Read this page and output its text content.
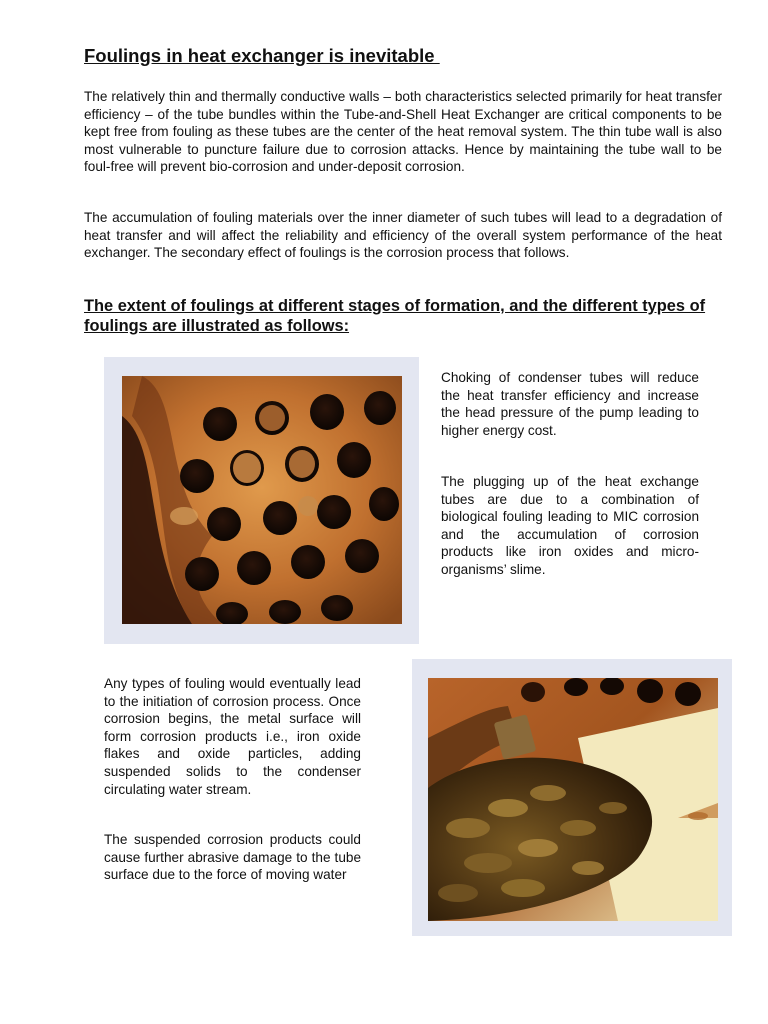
Foulings in heat exchanger is inevitable

The relatively thin and thermally conductive walls – both characteristics selected primarily for heat transfer efficiency – of the tube bundles within the Tube-and-Shell Heat Exchanger are critical components to be kept free from fouling as these tubes are the center of the heat removal system. The thin tube wall is also most vulnerable to puncture failure due to corrosion attacks. Hence by maintaining the tube wall to be foul-free will prevent bio-corrosion and under-deposit corrosion.

The accumulation of fouling materials over the inner diameter of such tubes will lead to a degradation of heat transfer and will affect the reliability and efficiency of the overall system performance of the heat exchanger. The secondary effect of foulings is the corrosion process that follows.

The extent of foulings at different stages of formation, and the different types of foulings are illustrated as follows:

Choking of condenser tubes will reduce the heat transfer efficiency and increase the head pressure of the pump leading to higher energy cost.

The plugging up of the heat exchange tubes are due to a combination of biological fouling leading to MIC corrosion and the accumulation of corrosion products like iron oxides and micro-organisms’ slime.

Any types of fouling would eventually lead to the initiation of corrosion process. Once corrosion begins, the metal surface will form corrosion products i.e., iron oxide flakes and oxide particles, adding suspended solids to the condenser circulating water stream.

The suspended corrosion products could cause further abrasive damage to the tube surface due to the force of moving water
